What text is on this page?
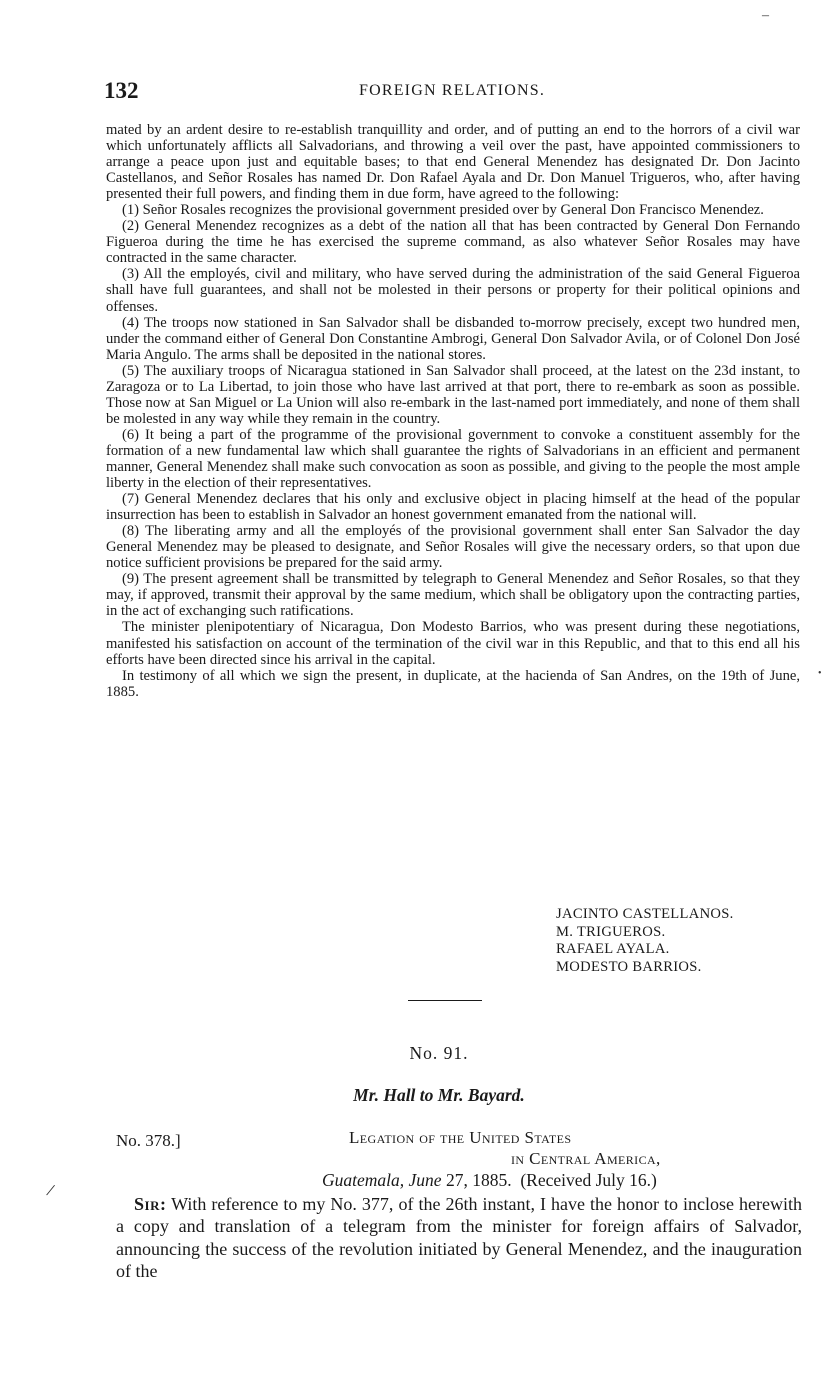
132	FOREIGN RELATIONS.

mated by an ardent desire to re-establish tranquillity and order, and of putting an end to the horrors of a civil war which unfortunately afflicts all Salvadorians, and throwing a veil over the past, have appointed commissioners to arrange a peace upon just and equitable bases; to that end General Menendez has designated Dr. Don Jacinto Castellanos, and Señor Rosales has named Dr. Don Rafael Ayala and Dr. Don Manuel Trigueros, who, after having presented their full powers, and finding them in due form, have agreed to the following:

(1) Señor Rosales recognizes the provisional government presided over by General Don Francisco Menendez.

(2) General Menendez recognizes as a debt of the nation all that has been contracted by General Don Fernando Figueroa during the time he has exercised the supreme command, as also whatever Señor Rosales may have contracted in the same character.

(3) All the employés, civil and military, who have served during the administration of the said General Figueroa shall have full guarantees, and shall not be molested in their persons or property for their political opinions and offenses.

(4) The troops now stationed in San Salvador shall be disbanded to-morrow precisely, except two hundred men, under the command either of General Don Constantine Ambrogi, General Don Salvador Avila, or of Colonel Don José Maria Angulo. The arms shall be deposited in the national stores.

(5) The auxiliary troops of Nicaragua stationed in San Salvador shall proceed, at the latest on the 23d instant, to Zaragoza or to La Libertad, to join those who have last arrived at that port, there to re-embark as soon as possible. Those now at San Miguel or La Union will also re-embark in the last-named port immediately, and none of them shall be molested in any way while they remain in the country.

(6) It being a part of the programme of the provisional government to convoke a constituent assembly for the formation of a new fundamental law which shall guarantee the rights of Salvadorians in an efficient and permanent manner, General Menendez shall make such convocation as soon as possible, and giving to the people the most ample liberty in the election of their representatives.

(7) General Menendez declares that his only and exclusive object in placing himself at the head of the popular insurrection has been to establish in Salvador an honest government emanated from the national will.

(8) The liberating army and all the employés of the provisional government shall enter San Salvador the day General Menendez may be pleased to designate, and Señor Rosales will give the necessary orders, so that upon due notice sufficient provisions be prepared for the said army.

(9) The present agreement shall be transmitted by telegraph to General Menendez and Señor Rosales, so that they may, if approved, transmit their approval by the same medium, which shall be obligatory upon the contracting parties, in the act of exchanging such ratifications.

The minister plenipotentiary of Nicaragua, Don Modesto Barrios, who was present during these negotiations, manifested his satisfaction on account of the termination of the civil war in this Republic, and that to this end all his efforts have been directed since his arrival in the capital.

In testimony of all which we sign the present, in duplicate, at the hacienda of San Andres, on the 19th of June, 1885.

JACINTO CASTELLANOS.
M. TRIGUEROS.
RAFAEL AYALA.
MODESTO BARRIOS.
No. 91.
Mr. Hall to Mr. Bayard.
No. 378.]	Legation of the United States
in Central America,
Guatemala, June 27, 1885. (Received July 16.)

Sir: With reference to my No. 377, of the 26th instant, I have the honor to inclose herewith a copy and translation of a telegram from the minister for foreign affairs of Salvador, announcing the success of the revolution initiated by General Menendez, and the inauguration of the

–
•
/
